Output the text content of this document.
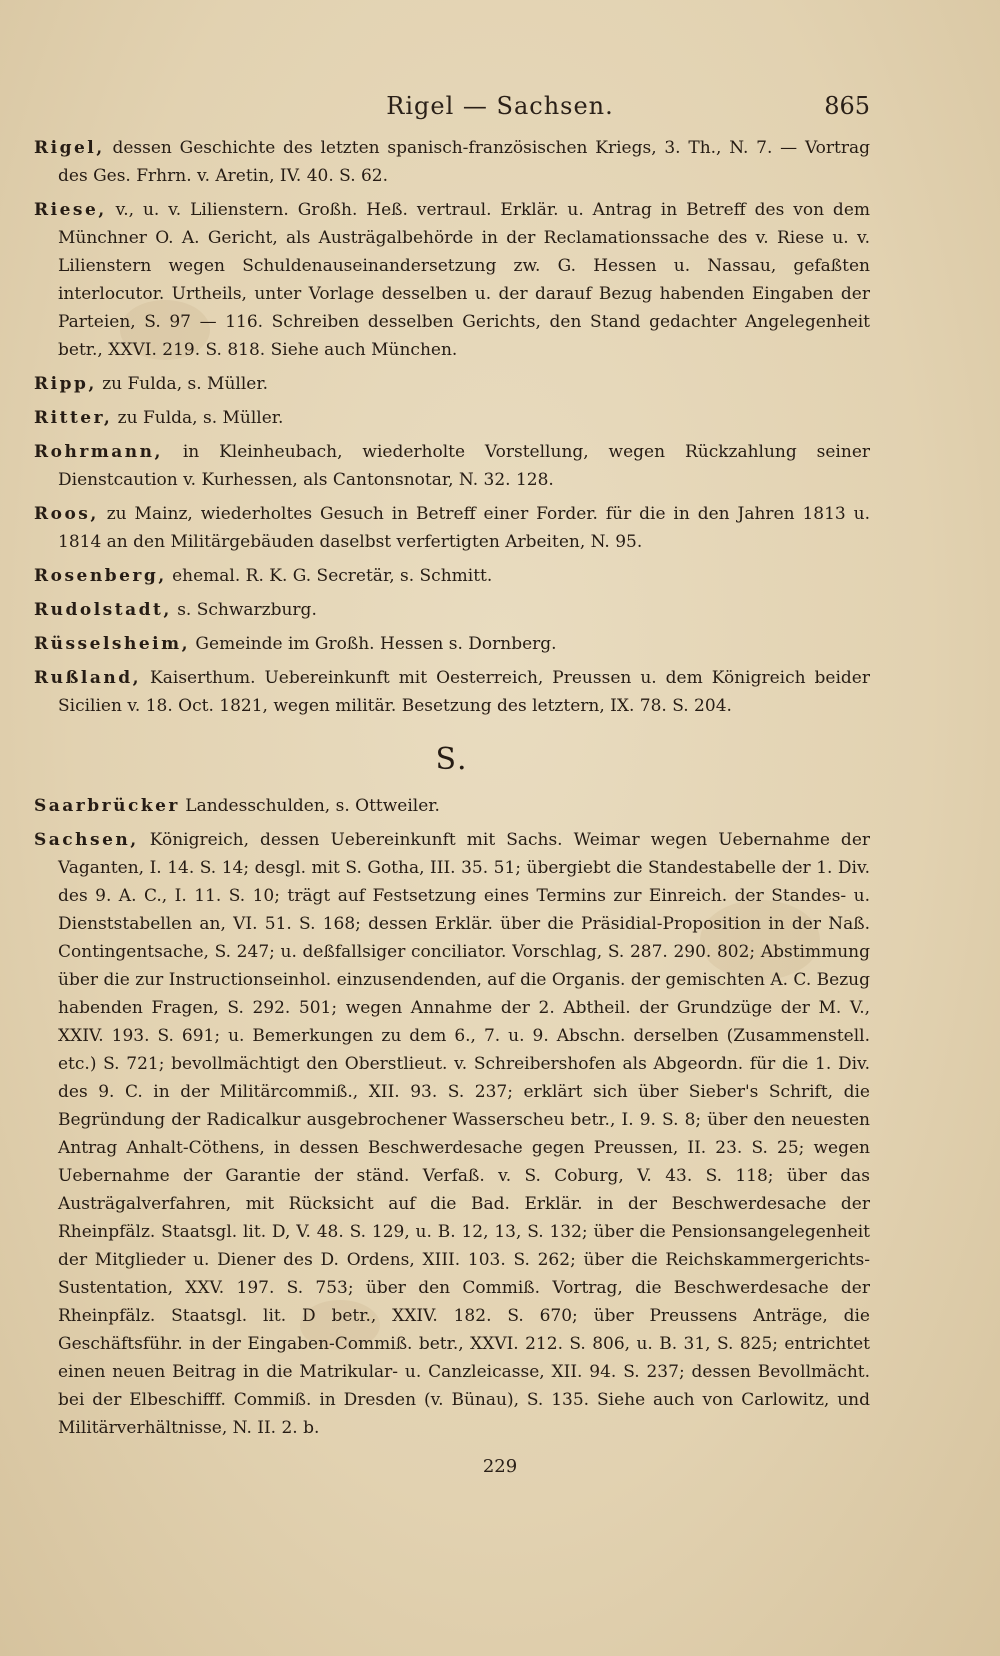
Rigel — Sachsen.	865
Rigel, dessen Geschichte des letzten spanisch-französischen Kriegs, 3. Th., N. 7. — Vortrag des Ges. Frhrn. v. Aretin, IV. 40. S. 62.
Riese, v., u. v. Lilienstern. Großh. Heß. vertraul. Erklär. u. Antrag in Betreff des von dem Münchner O. A. Gericht, als Austrägalbehörde in der Reclamationssache des v. Riese u. v. Lilienstern wegen Schuldenauseinandersetzung zw. G. Hessen u. Nassau, gefaßten interlocutor. Urtheils, unter Vorlage desselben u. der darauf Bezug habenden Eingaben der Parteien, S. 97 — 116. Schreiben desselben Gerichts, den Stand gedachter Angelegenheit betr., XXVI. 219. S. 818. Siehe auch München.
Ripp, zu Fulda, s. Müller.
Ritter, zu Fulda, s. Müller.
Rohrmann, in Kleinheubach, wiederholte Vorstellung, wegen Rückzahlung seiner Dienstcaution v. Kurhessen, als Cantonsnotar, N. 32. 128.
Roos, zu Mainz, wiederholtes Gesuch in Betreff einer Forder. für die in den Jahren 1813 u. 1814 an den Militärgebäuden daselbst verfertigten Arbeiten, N. 95.
Rosenberg, ehemal. R. K. G. Secretär, s. Schmitt.
Rudolstadt, s. Schwarzburg.
Rüsselsheim, Gemeinde im Großh. Hessen s. Dornberg.
Rußland, Kaiserthum. Uebereinkunft mit Oesterreich, Preussen u. dem Königreich beider Sicilien v. 18. Oct. 1821, wegen militär. Besetzung des letztern, IX. 78. S. 204.
S.
Saarbrücker Landesschulden, s. Ottweiler.
Sachsen, Königreich, dessen Uebereinkunft mit Sachs. Weimar wegen Uebernahme der Vaganten, I. 14. S. 14; desgl. mit S. Gotha, III. 35. 51; übergiebt die Standestabelle der 1. Div. des 9. A. C., I. 11. S. 10; trägt auf Festsetzung eines Termins zur Einreich. der Standes- u. Dienststabellen an, VI. 51. S. 168; dessen Erklär. über die Präsidial-Proposition in der Naß. Contingentsache, S. 247; u. deßfallsiger conciliator. Vorschlag, S. 287. 290. 802; Abstimmung über die zur Instructionseinhol. einzusendenden, auf die Organis. der gemischten A. C. Bezug habenden Fragen, S. 292. 501; wegen Annahme der 2. Abtheil. der Grundzüge der M. V., XXIV. 193. S. 691; u. Bemerkungen zu dem 6., 7. u. 9. Abschn. derselben (Zusammenstell. etc.) S. 721; bevollmächtigt den Oberstlieut. v. Schreibershofen als Abgeordn. für die 1. Div. des 9. C. in der Militärcommiß., XII. 93. S. 237; erklärt sich über Sieber's Schrift, die Begründung der Radicalkur ausgebrochener Wasserscheu betr., I. 9. S. 8; über den neuesten Antrag Anhalt-Cöthens, in dessen Beschwerdesache gegen Preussen, II. 23. S. 25; wegen Uebernahme der Garantie der ständ. Verfaß. v. S. Coburg, V. 43. S. 118; über das Austrägalverfahren, mit Rücksicht auf die Bad. Erklär. in der Beschwerdesache der Rheinpfälz. Staatsgl. lit. D, V. 48. S. 129, u. B. 12, 13, S. 132; über die Pensionsangelegenheit der Mitglieder u. Diener des D. Ordens, XIII. 103. S. 262; über die Reichskammergerichts-Sustentation, XXV. 197. S. 753; über den Commiß. Vortrag, die Beschwerdesache der Rheinpfälz. Staatsgl. lit. D betr., XXIV. 182. S. 670; über Preussens Anträge, die Geschäftsführ. in der Eingaben-Commiß. betr., XXVI. 212. S. 806, u. B. 31, S. 825; entrichtet einen neuen Beitrag in die Matrikular- u. Canzleicasse, XII. 94. S. 237; dessen Bevollmächt. bei der Elbeschifff. Commiß. in Dresden (v. Bünau), S. 135. Siehe auch von Carlowitz, und Militärverhältnisse, N. II. 2. b.
229
